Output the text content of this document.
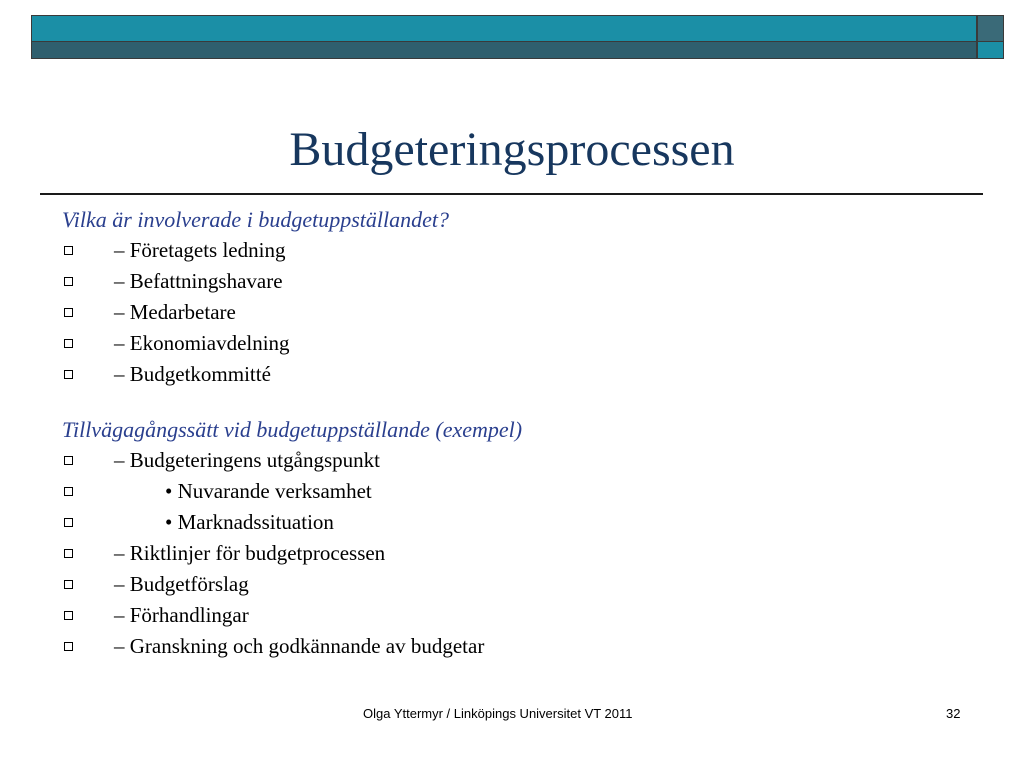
Budgeteringsprocessen
Vilka är involverade i budgetuppställandet?
– Företagets ledning
– Befattningshavare
– Medarbetare
– Ekonomiavdelning
– Budgetkommitté
Tillvägagångssätt vid budgetuppställande (exempel)
– Budgeteringens utgångspunkt
• Nuvarande verksamhet
• Marknadssituation
– Riktlinjer för budgetprocessen
– Budgetförslag
– Förhandlingar
– Granskning och godkännande av budgetar
Olga Yttermyr / Linköpings Universitet VT 2011	32
